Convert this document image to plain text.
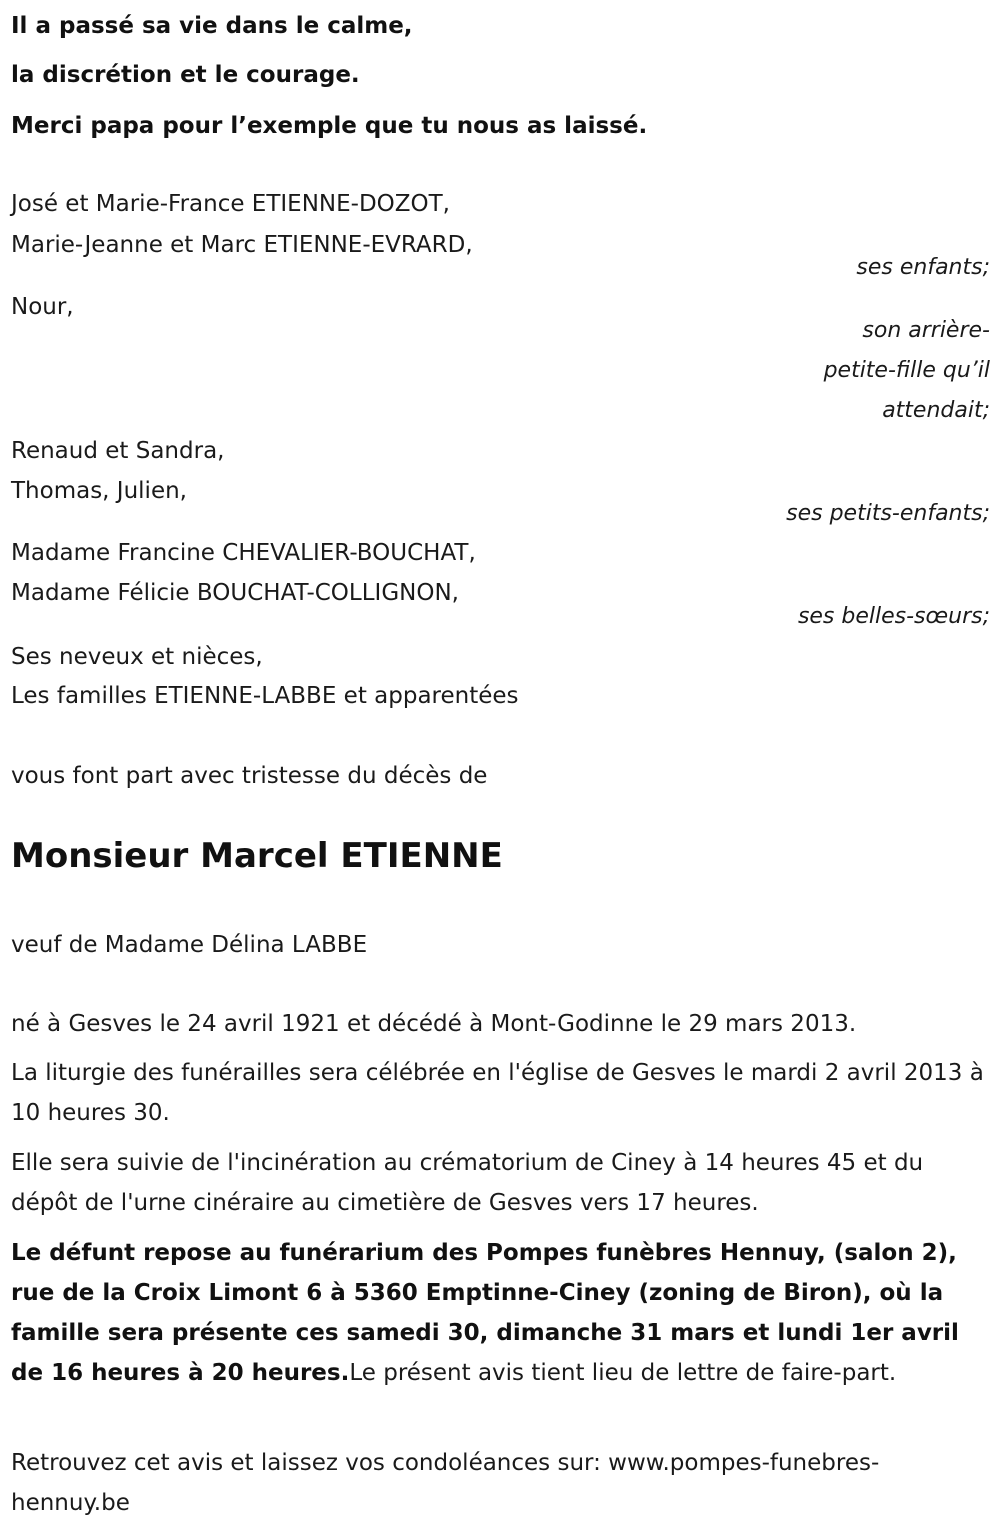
Il a passé sa vie dans le calme,
la discrétion et le courage.
Merci papa pour l’exemple que tu nous as laissé.
José et Marie-France ETIENNE-DOZOT,
Marie-Jeanne et Marc ETIENNE-EVRARD,
ses enfants;
Nour,
son arrière-
petite-fille qu’il
attendait;
Renaud et Sandra,
Thomas, Julien,
ses petits-enfants;
Madame Francine CHEVALIER-BOUCHAT,
Madame Félicie BOUCHAT-COLLIGNON,
ses belles-sœurs;
Ses neveux et nièces,
Les familles ETIENNE-LABBE et apparentées
vous font part avec tristesse du décès de
Monsieur Marcel ETIENNE
veuf de Madame Délina LABBE
né à Gesves le 24 avril 1921 et décédé à Mont-Godinne le 29 mars 2013.
La liturgie des funérailles sera célébrée en l'église de Gesves le mardi 2 avril 2013 à 10 heures 30.
Elle sera suivie de l'incinération au crématorium de Ciney à 14 heures 45 et du dépôt de l'urne cinéraire au cimetière de Gesves vers 17 heures.
Le défunt repose au funérarium des Pompes funèbres Hennuy, (salon 2), rue de la Croix Limont 6 à 5360 Emptinne-Ciney (zoning de Biron), où la famille sera présente ces samedi 30, dimanche 31 mars et lundi 1er avril de 16 heures à 20 heures.Le présent avis tient lieu de lettre de faire-part.
Retrouvez cet avis et laissez vos condoléances sur: www.pompes-funebres-hennuy.be
